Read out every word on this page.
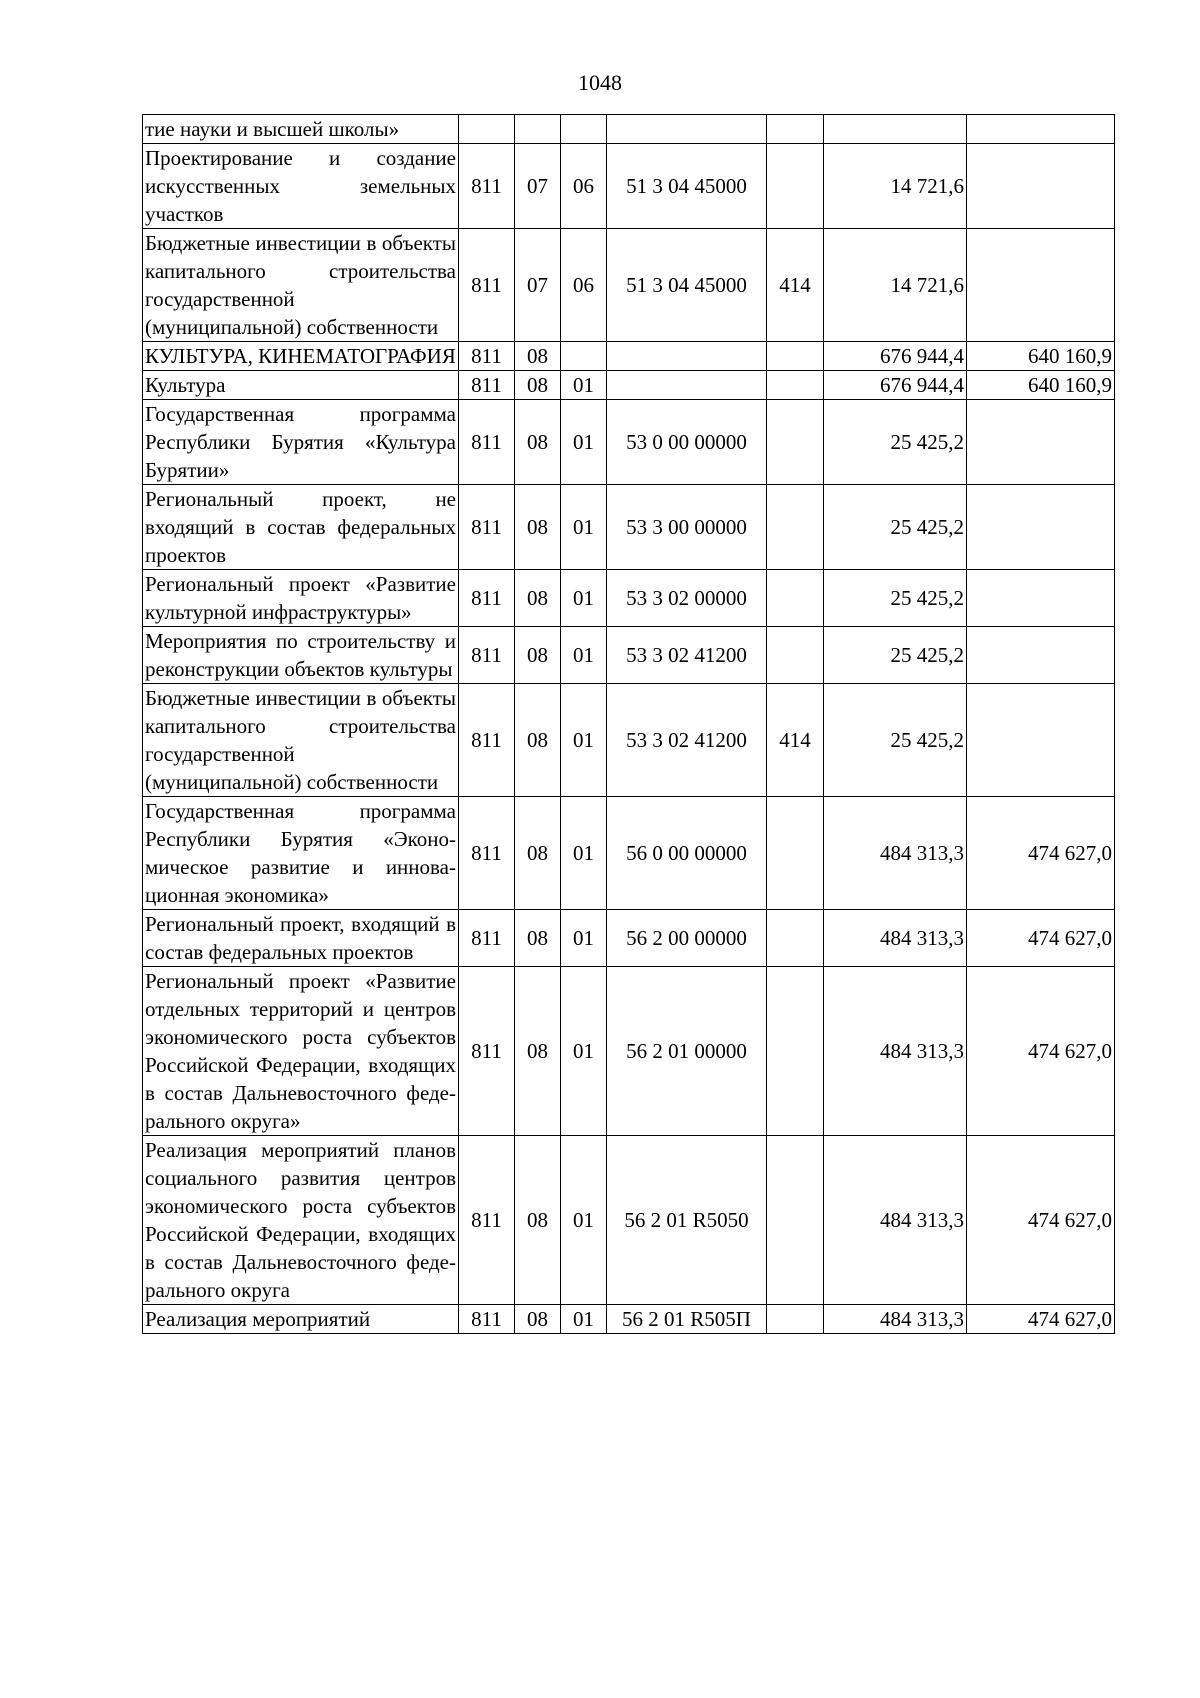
1048
тие науки и высшей школы»							
Проектирование и создание искусственных земельных участков	811	07	06	51 3 04 45000		14 721,6	
Бюджетные инвестиции в объекты капитального строительства государственной (муниципальной) собственности	811	07	06	51 3 04 45000	414	14 721,6	
КУЛЬТУРА, КИНЕМАТОГРАФИЯ	811	08				676 944,4	640 160,9
Культура	811	08	01			676 944,4	640 160,9
Государственная программа Республики Бурятия «Культура Бурятии»	811	08	01	53 0 00 00000		25 425,2	
Региональный проект, не входящий в состав федеральных проектов	811	08	01	53 3 00 00000		25 425,2	
Региональный проект «Развитие культурной инфраструктуры»	811	08	01	53 3 02 00000		25 425,2	
Мероприятия по строительству и реконструкции объектов культуры	811	08	01	53 3 02 41200		25 425,2	
Бюджетные инвестиции в объекты капитального строительства государственной (муниципальной) собственности	811	08	01	53 3 02 41200	414	25 425,2	
Государственная программа Республики Бурятия «Экономическое развитие и инновационная экономика»	811	08	01	56 0 00 00000		484 313,3	474 627,0
Региональный проект, входящий в состав федеральных проектов	811	08	01	56 2 00 00000		484 313,3	474 627,0
Региональный проект «Развитие отдельных территорий и центров экономического роста субъектов Российской Федерации, входящих в состав Дальневосточного федерального округа»	811	08	01	56 2 01 00000		484 313,3	474 627,0
Реализация мероприятий планов социального развития центров экономического роста субъектов Российской Федерации, входящих в состав Дальневосточного федерального округа	811	08	01	56 2 01 R5050		484 313,3	474 627,0
Реализация мероприятий	811	08	01	56 2 01 R505П		484 313,3	474 627,0
